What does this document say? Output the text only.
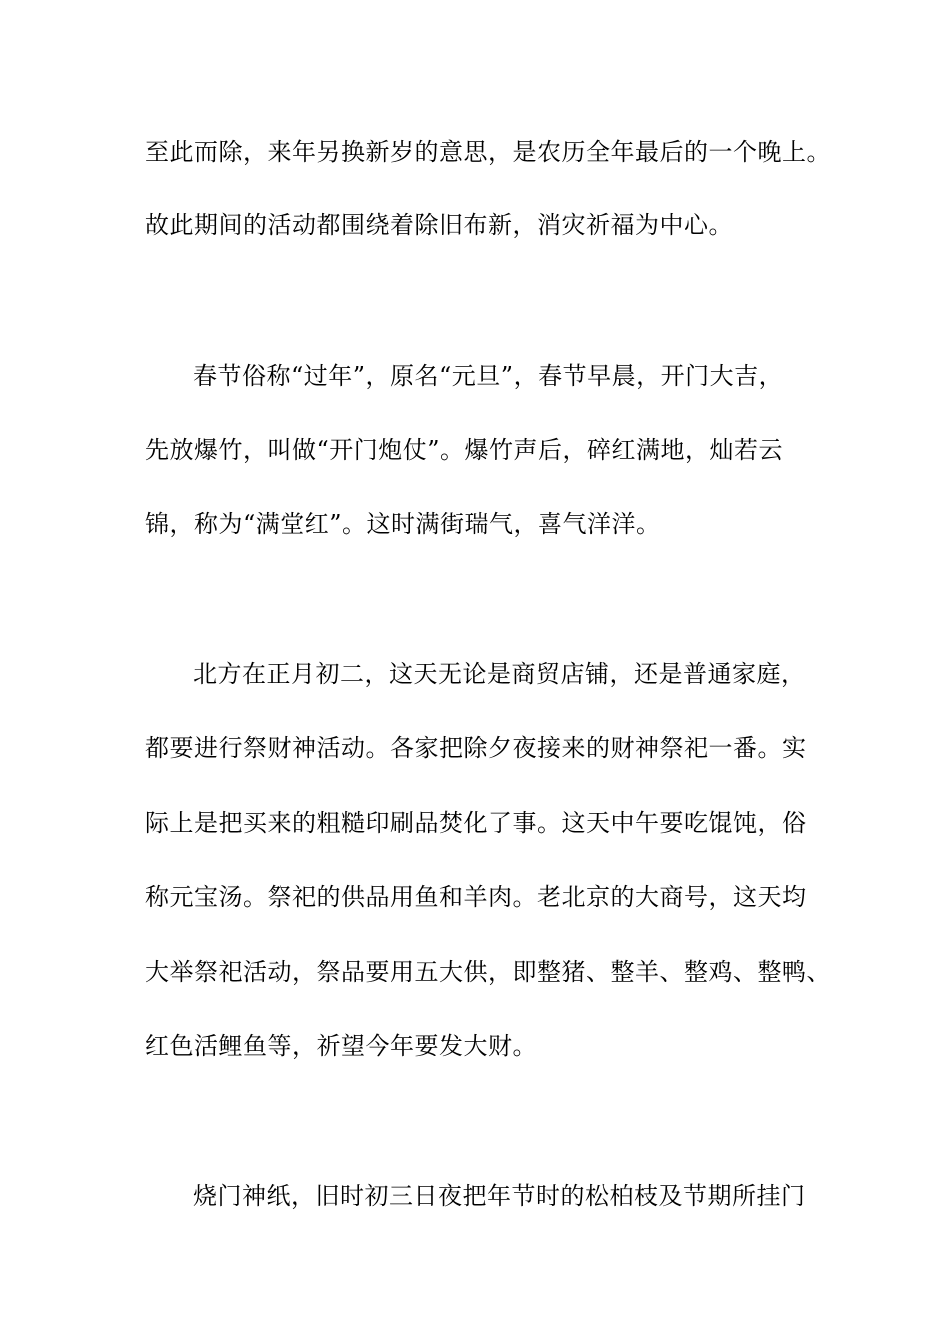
至此而除，来年另换新岁的意思，是农历全年最后的一个晚上。
故此期间的活动都围绕着除旧布新，消灾祈福为中心。
春节俗称“过年”，原名“元旦”，春节早晨，开门大吉，
先放爆竹，叫做“开门炮仗”。爆竹声后，碎红满地，灿若云
锦，称为“满堂红”。这时满街瑞气，喜气洋洋。
北方在正月初二，这天无论是商贸店铺，还是普通家庭，
都要进行祭财神活动。各家把除夕夜接来的财神祭祀一番。实
际上是把买来的粗糙印刷品焚化了事。这天中午要吃馄饨，俗
称元宝汤。祭祀的供品用鱼和羊肉。老北京的大商号，这天均
大举祭祀活动，祭品要用五大供，即整猪、整羊、整鸡、整鸭、
红色活鲤鱼等，祈望今年要发大财。
烧门神纸，旧时初三日夜把年节时的松柏枝及节期所挂门
